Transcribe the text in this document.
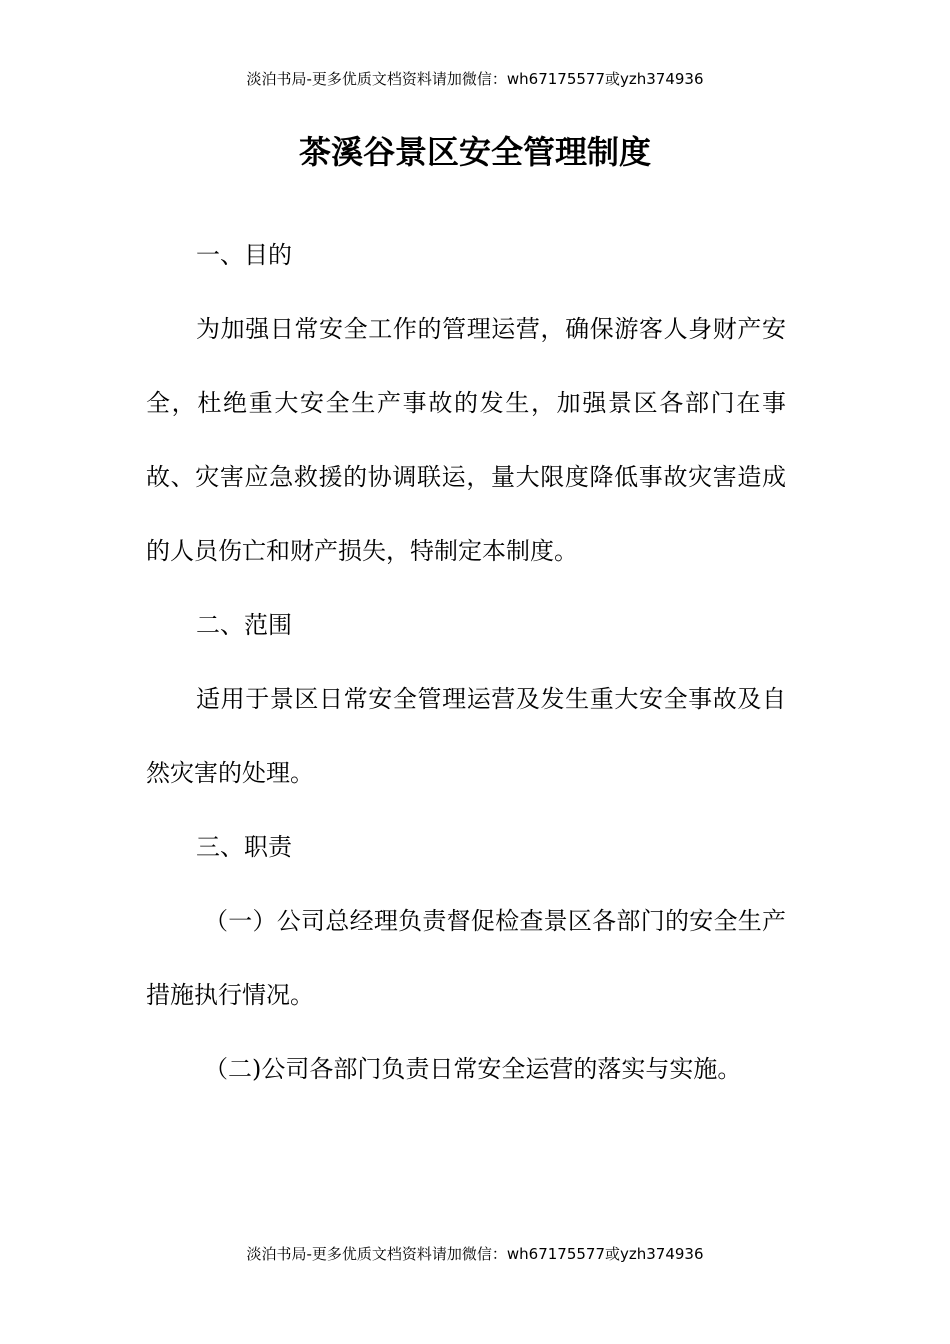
淡泊书局-更多优质文档资料请加微信：wh67175577或yzh374936
茶溪谷景区安全管理制度

一、目的

为加强日常安全工作的管理运营，确保游客人身财产安全，杜绝重大安全生产事故的发生，加强景区各部门在事故、灾害应急救援的协调联运，量大限度降低事故灾害造成的人员伤亡和财产损失，特制定本制度。

二、范围

适用于景区日常安全管理运营及发生重大安全事故及自然灾害的处理。

三、职责

（一）公司总经理负责督促检查景区各部门的安全生产措施执行情况。

（二)公司各部门负责日常安全运营的落实与实施。

淡泊书局-更多优质文档资料请加微信：wh67175577或yzh374936
